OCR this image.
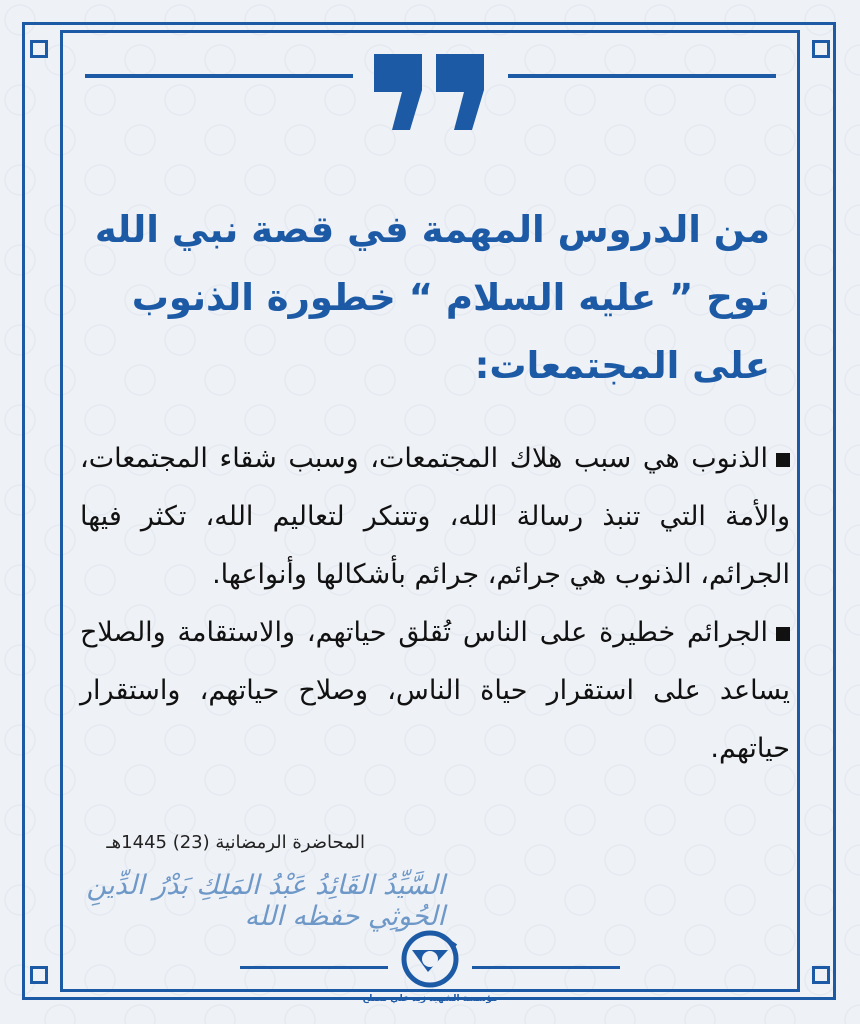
من الدروس المهمة في قصة نبي الله نوح ” عليه السلام “ خطورة الذنوب على المجتمعات:

الذنوب هي سبب هلاك المجتمعات، وسبب شقاء المجتمعات، والأمة التي تنبذ رسالة الله، وتتنكر لتعاليم الله، تكثر فيها الجرائم، الذنوب هي جرائم، جرائم بأشكالها وأنواعها.

الجرائم خطيرة على الناس تُقلق حياتهم، والاستقامة والصلاح يساعد على استقرار حياة الناس، وصلاح حياتهم، واستقرار حياتهم.

المحاضرة الرمضانية (23) 1445هـ
السَّيِّدُ القَائِدُ عَبْدُ المَلِكِ بَدْرُ الدِّينِ الحُوثِي حفظه الله
مؤسسة الشهيد زيد علي مصلح
